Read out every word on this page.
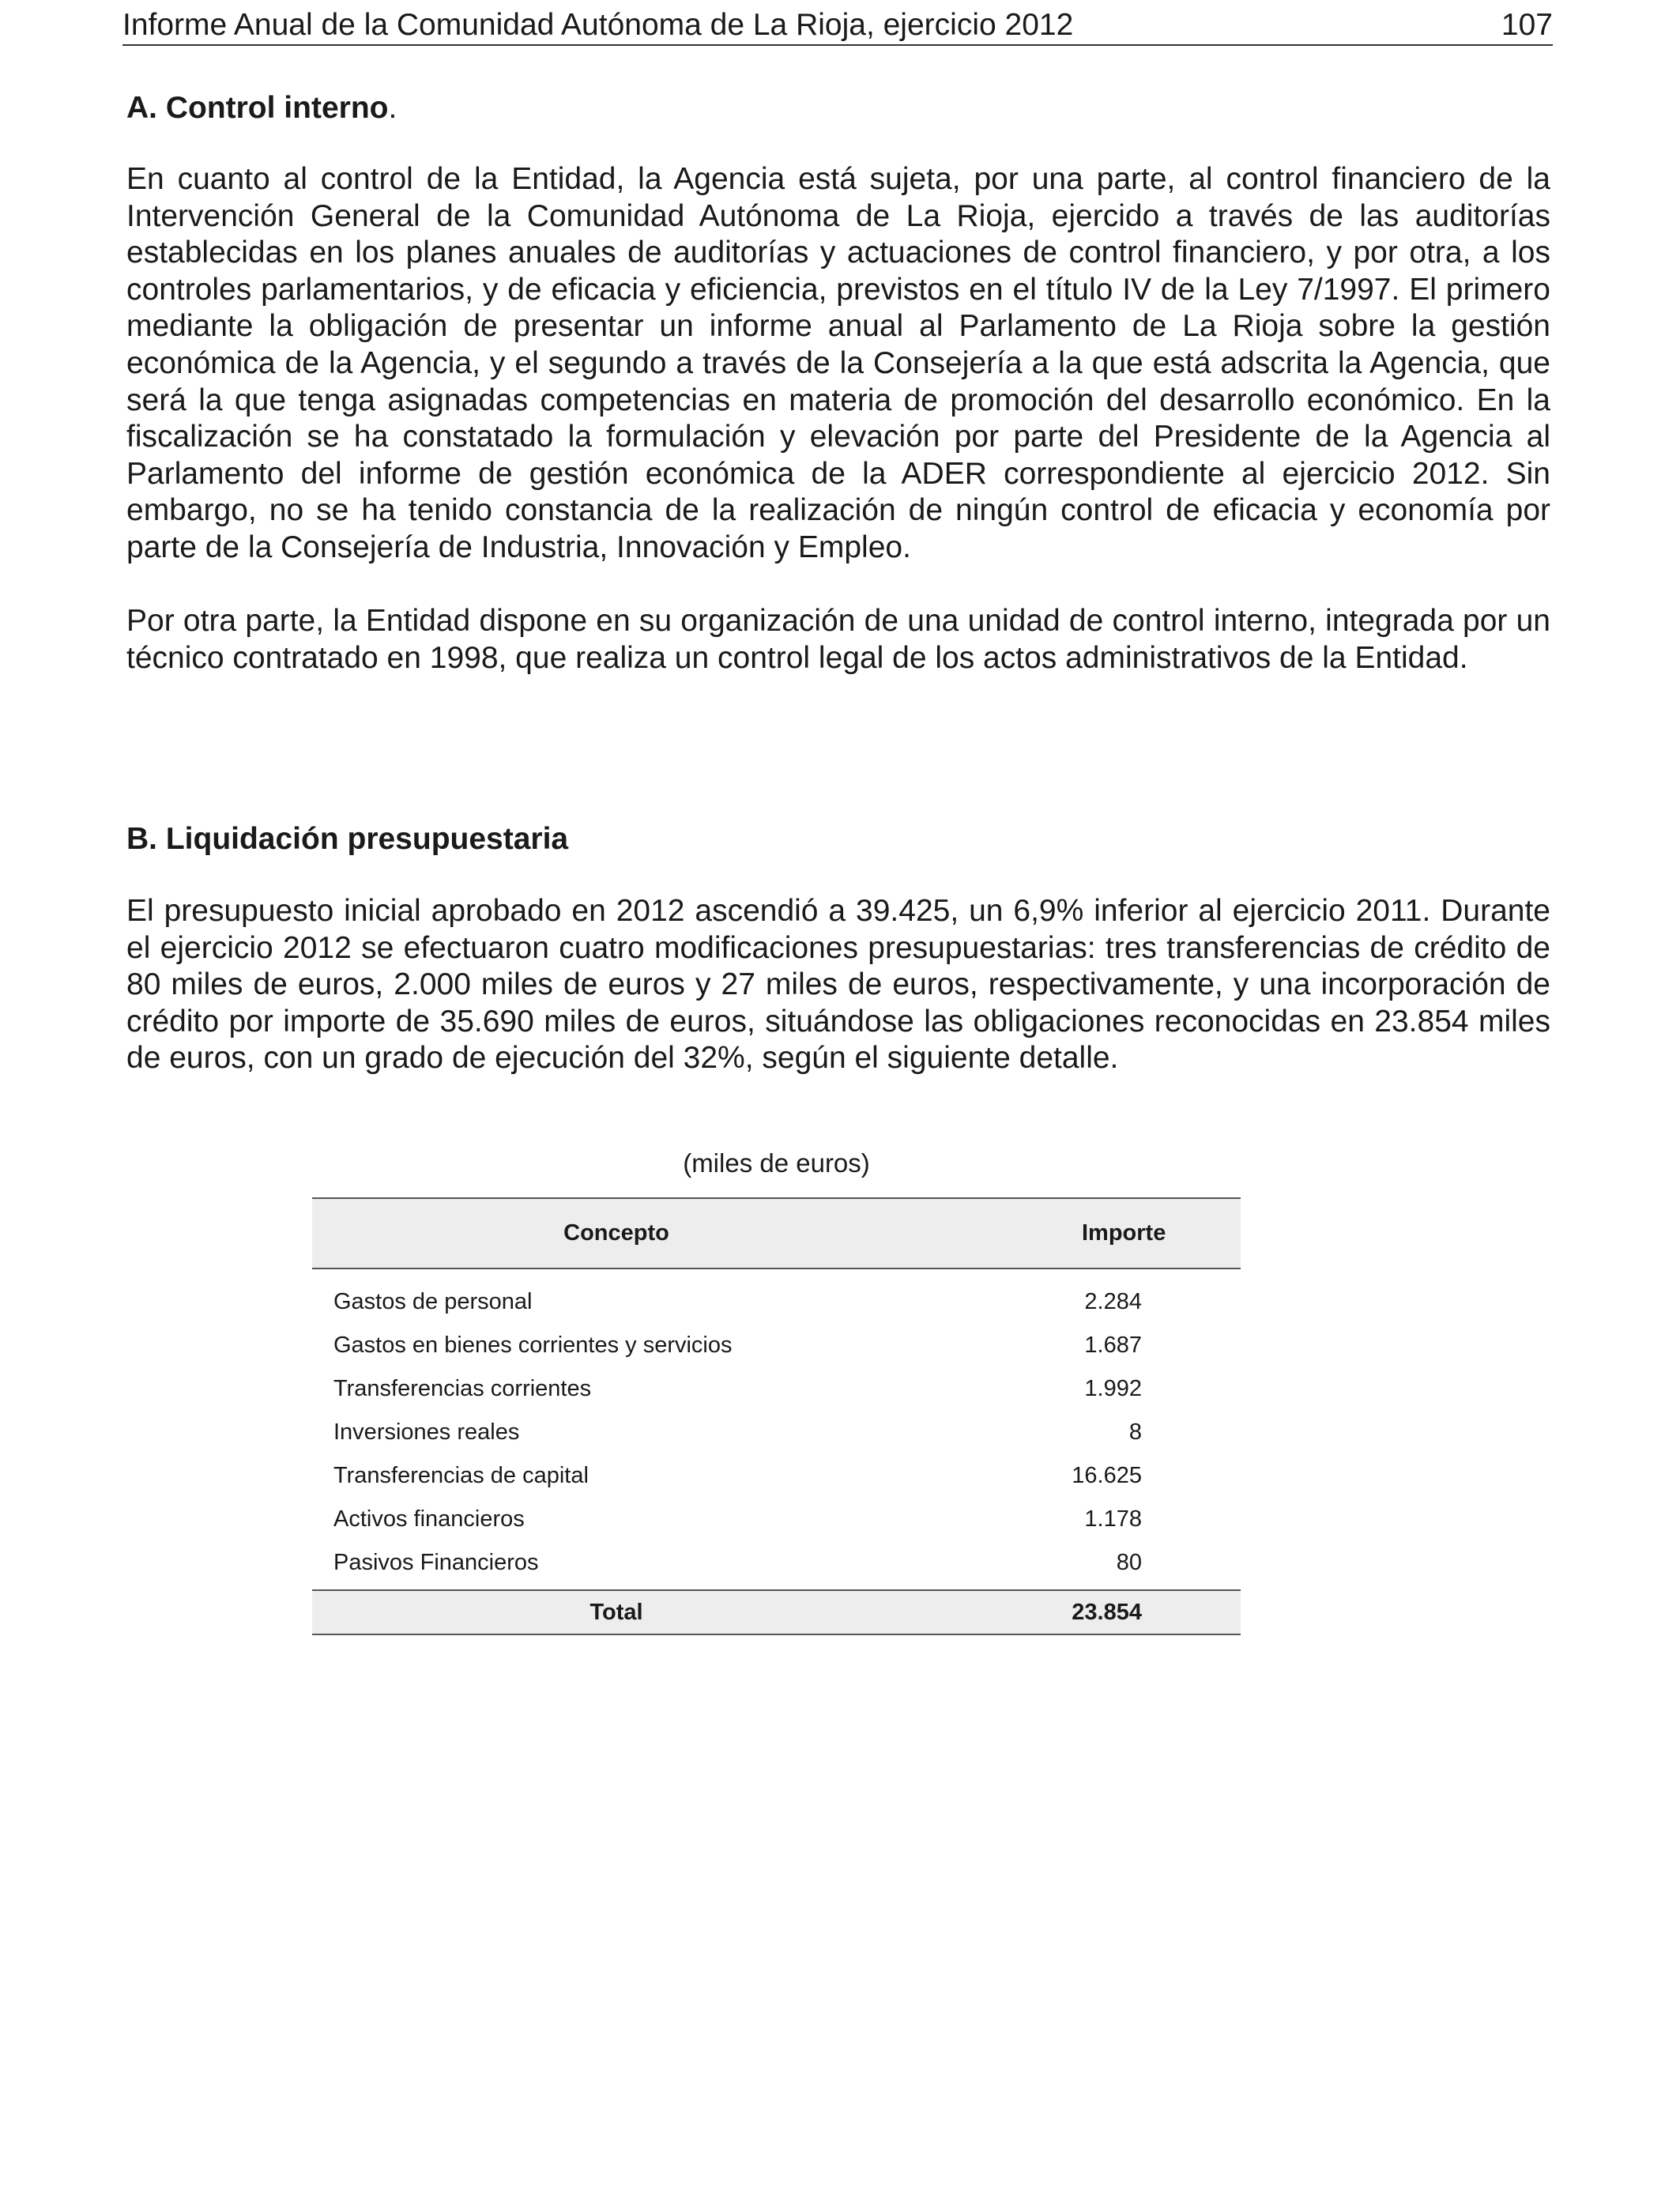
Informe Anual de la Comunidad Autónoma de La Rioja, ejercicio 2012	107
A. Control interno.

En cuanto al control de la Entidad, la Agencia está sujeta, por una parte, al control financiero de la Intervención General de la Comunidad Autónoma de La Rioja, ejercido a través de las auditorías establecidas en los planes anuales de auditorías y actuaciones de control financiero, y por otra, a los controles parlamentarios, y de eficacia y eficiencia, previstos en el título IV de la Ley 7/1997. El primero mediante la obligación de presentar un informe anual al Parlamento de La Rioja sobre la gestión económica de la Agencia, y el segundo a través de la Consejería a la que está adscrita la Agencia, que será la que tenga asignadas competencias en materia de promoción del desarrollo económico. En la fiscalización se ha constatado la formulación y elevación por parte del Presidente de la Agencia al Parlamento del informe de gestión económica de la ADER correspondiente al ejercicio 2012. Sin embargo, no se ha tenido constancia de la realización de ningún control de eficacia y economía por parte de la Consejería de Industria, Innovación y Empleo.

Por otra parte, la Entidad dispone en su organización de una unidad de control interno, integrada por un técnico contratado en 1998, que realiza un control legal de los actos administrativos de la Entidad.

B. Liquidación presupuestaria

El presupuesto inicial aprobado en 2012 ascendió a 39.425, un 6,9% inferior al ejercicio 2011. Durante el ejercicio 2012 se efectuaron cuatro modificaciones presupuestarias: tres transferencias de crédito de 80 miles de euros, 2.000 miles de euros y 27 miles de euros, respectivamente, y una incorporación de crédito por importe de 35.690 miles de euros, situándose las obligaciones reconocidas en 23.854 miles de euros, con un grado de ejecución del 32%, según el siguiente detalle.

(miles de euros)
Concepto	Importe
Gastos de personal	2.284
Gastos en bienes corrientes y servicios	1.687
Transferencias corrientes	1.992
Inversiones reales	8
Transferencias de capital	16.625
Activos financieros	1.178
Pasivos Financieros	80
Total	23.854
